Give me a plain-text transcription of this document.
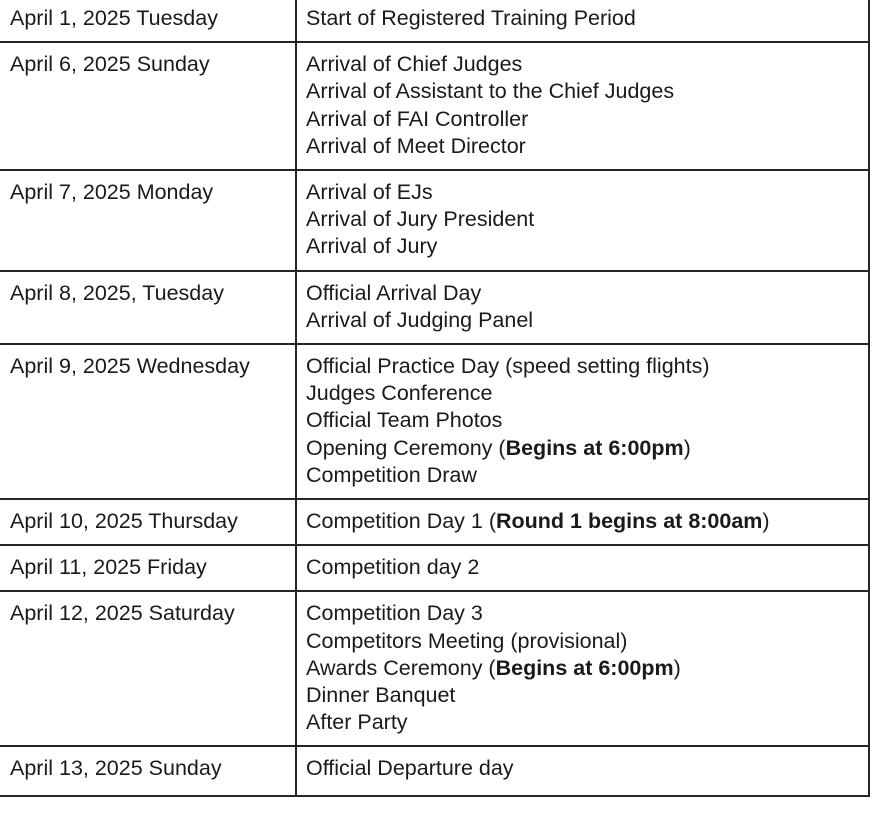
April 1, 2025 Tuesday	Start of Registered Training Period

April 6, 2025 Sunday	Arrival of Chief Judges
Arrival of Assistant to the Chief Judges
Arrival of FAI Controller
Arrival of Meet Director

April 7, 2025 Monday	Arrival of EJs
Arrival of Jury President
Arrival of Jury

April 8, 2025, Tuesday	Official Arrival Day
Arrival of Judging Panel

April 9, 2025 Wednesday	Official Practice Day (speed setting flights)
Judges Conference
Official Team Photos
Opening Ceremony (Begins at 6:00pm)
Competition Draw

April 10, 2025 Thursday	Competition Day 1 (Round 1 begins at 8:00am)

April 11, 2025 Friday	Competition day 2

April 12, 2025 Saturday	Competition Day 3
Competitors Meeting (provisional)
Awards Ceremony (Begins at 6:00pm)
Dinner Banquet
After Party

April 13, 2025 Sunday	Official Departure day
